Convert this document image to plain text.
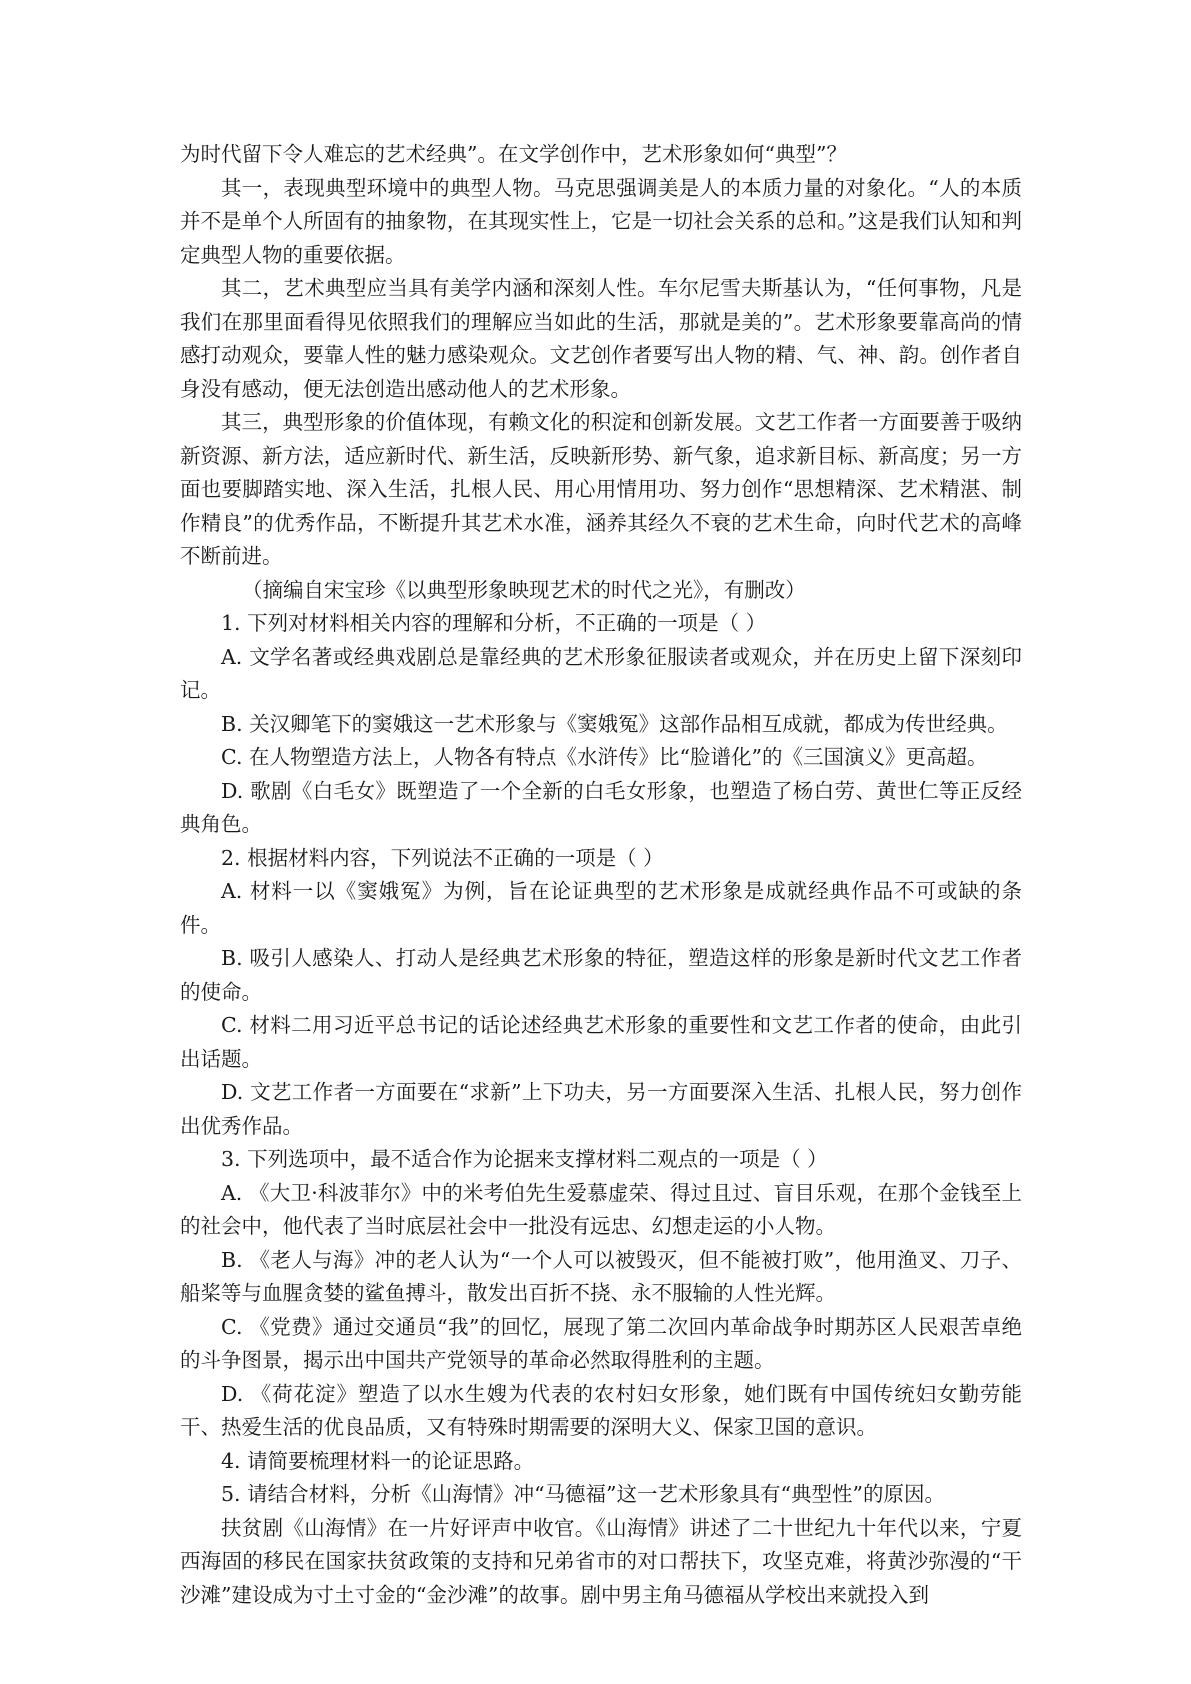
为时代留下令人难忘的艺术经典”。在文学创作中，艺术形象如何“典型”？

其一，表现典型环境中的典型人物。马克思强调美是人的本质力量的对象化。“人的本质并不是单个人所固有的抽象物，在其现实性上，它是一切社会关系的总和。”这是我们认知和判定典型人物的重要依据。

其二，艺术典型应当具有美学内涵和深刻人性。车尔尼雪夫斯基认为，“任何事物，凡是我们在那里面看得见依照我们的理解应当如此的生活，那就是美的”。艺术形象要靠高尚的情感打动观众，要靠人性的魅力感染观众。文艺创作者要写出人物的精、气、神、韵。创作者自身没有感动，便无法创造出感动他人的艺术形象。

其三，典型形象的价值体现，有赖文化的积淀和创新发展。文艺工作者一方面要善于吸纳新资源、新方法，适应新时代、新生活，反映新形势、新气象，追求新目标、新高度；另一方面也要脚踏实地、深入生活，扎根人民、用心用情用功、努力创作“思想精深、艺术精湛、制作精良”的优秀作品，不断提升其艺术水准，涵养其经久不衰的艺术生命，向时代艺术的高峰不断前进。

（摘编自宋宝珍《以典型形象映现艺术的时代之光》，有删改）

1. 下列对材料相关内容的理解和分析，不正确的一项是（ ）

A. 文学名著或经典戏剧总是靠经典的艺术形象征服读者或观众，并在历史上留下深刻印记。

B. 关汉卿笔下的窦娥这一艺术形象与《窦娥冤》这部作品相互成就，都成为传世经典。

C. 在人物塑造方法上，人物各有特点《水浒传》比“脸谱化”的《三国演义》更高超。

D. 歌剧《白毛女》既塑造了一个全新的白毛女形象，也塑造了杨白劳、黄世仁等正反经典角色。

2. 根据材料内容，下列说法不正确的一项是（ ）

A. 材料一以《窦娥冤》为例，旨在论证典型的艺术形象是成就经典作品不可或缺的条件。

B. 吸引人感染人、打动人是经典艺术形象的特征，塑造这样的形象是新时代文艺工作者的使命。

C. 材料二用习近平总书记的话论述经典艺术形象的重要性和文艺工作者的使命，由此引出话题。

D. 文艺工作者一方面要在“求新”上下功夫，另一方面要深入生活、扎根人民，努力创作出优秀作品。

3. 下列选项中，最不适合作为论据来支撑材料二观点的一项是（ ）

A. 《大卫·科波菲尔》中的米考伯先生爱慕虚荣、得过且过、盲目乐观，在那个金钱至上的社会中，他代表了当时底层社会中一批没有远忠、幻想走运的小人物。

B. 《老人与海》冲的老人认为“一个人可以被毁灭，但不能被打败”，他用渔叉、刀子、船桨等与血腥贪婪的鲨鱼搏斗，散发出百折不挠、永不服输的人性光辉。

C. 《党费》通过交通员“我”的回忆，展现了第二次回内革命战争时期苏区人民艰苦卓绝的斗争图景，揭示出中国共产党领导的革命必然取得胜利的主题。

D. 《荷花淀》塑造了以水生嫂为代表的农村妇女形象，她们既有中国传统妇女勤劳能干、热爱生活的优良品质，又有特殊时期需要的深明大义、保家卫国的意识。

4. 请简要梳理材料一的论证思路。

5. 请结合材料，分析《山海情》冲“马德福”这一艺术形象具有“典型性”的原因。

扶贫剧《山海情》在一片好评声中收官。《山海情》讲述了二十世纪九十年代以来，宁夏西海固的移民在国家扶贫政策的支持和兄弟省市的对口帮扶下，攻坚克难，将黄沙弥漫的“干沙滩”建设成为寸土寸金的“金沙滩”的故事。剧中男主角马德福从学校出来就投入到
